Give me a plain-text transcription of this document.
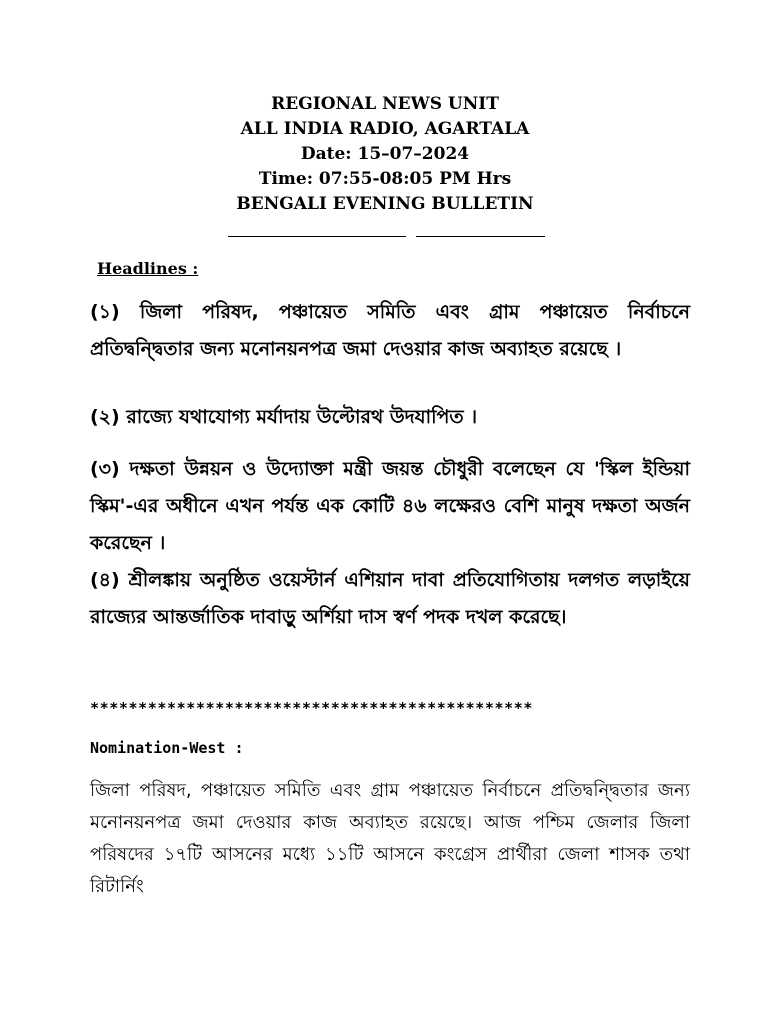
REGIONAL NEWS UNIT
ALL INDIA RADIO, AGARTALA
Date: 15–07–2024
Time: 07:55-08:05 PM Hrs
BENGALI EVENING BULLETIN
Headlines :

(১) জিলা পরিষদ, পঞ্চায়েত সমিতি এবং গ্রাম পঞ্চায়েত নির্বাচনে প্রতিদ্বন্দ্বিতার জন্য মনোনয়নপত্র জমা দেওয়ার কাজ অব্যাহত রয়েছে ।

(২) রাজ্যে যথাযোগ্য মর্যাদায় উল্টোরথ উদযাপিত ।

(৩) দক্ষতা উন্নয়ন ও উদ্যোক্তা মন্ত্রী জয়ন্ত চৌধুরী বলেছেন যে 'স্কিল ইন্ডিয়া স্কিম'-এর অধীনে এখন পর্যন্ত এক কোটি ৪৬ লক্ষেরও বেশি মানুষ দক্ষতা অর্জন করেছেন ।

(৪) শ্রীলঙ্কায় অনুষ্ঠিত ওয়েস্টার্ন এশিয়ান দাবা প্রতিযোগিতায় দলগত লড়াইয়ে রাজ্যের আন্তর্জাতিক দাবাড়ু অর্শিয়া দাস স্বর্ণ পদক দখল করেছে।

**********************************************
Nomination-West :

জিলা পরিষদ, পঞ্চায়েত সমিতি এবং গ্রাম পঞ্চায়েত নির্বাচনে প্রতিদ্বন্দ্বিতার জন্য মনোনয়নপত্র জমা দেওয়ার কাজ অব্যাহত রয়েছে। আজ পশ্চিম জেলার জিলা পরিষদের ১৭টি আসনের মধ্যে ১১টি আসনে কংগ্রেস প্রার্থীরা জেলা শাসক তথা রিটার্নিং
